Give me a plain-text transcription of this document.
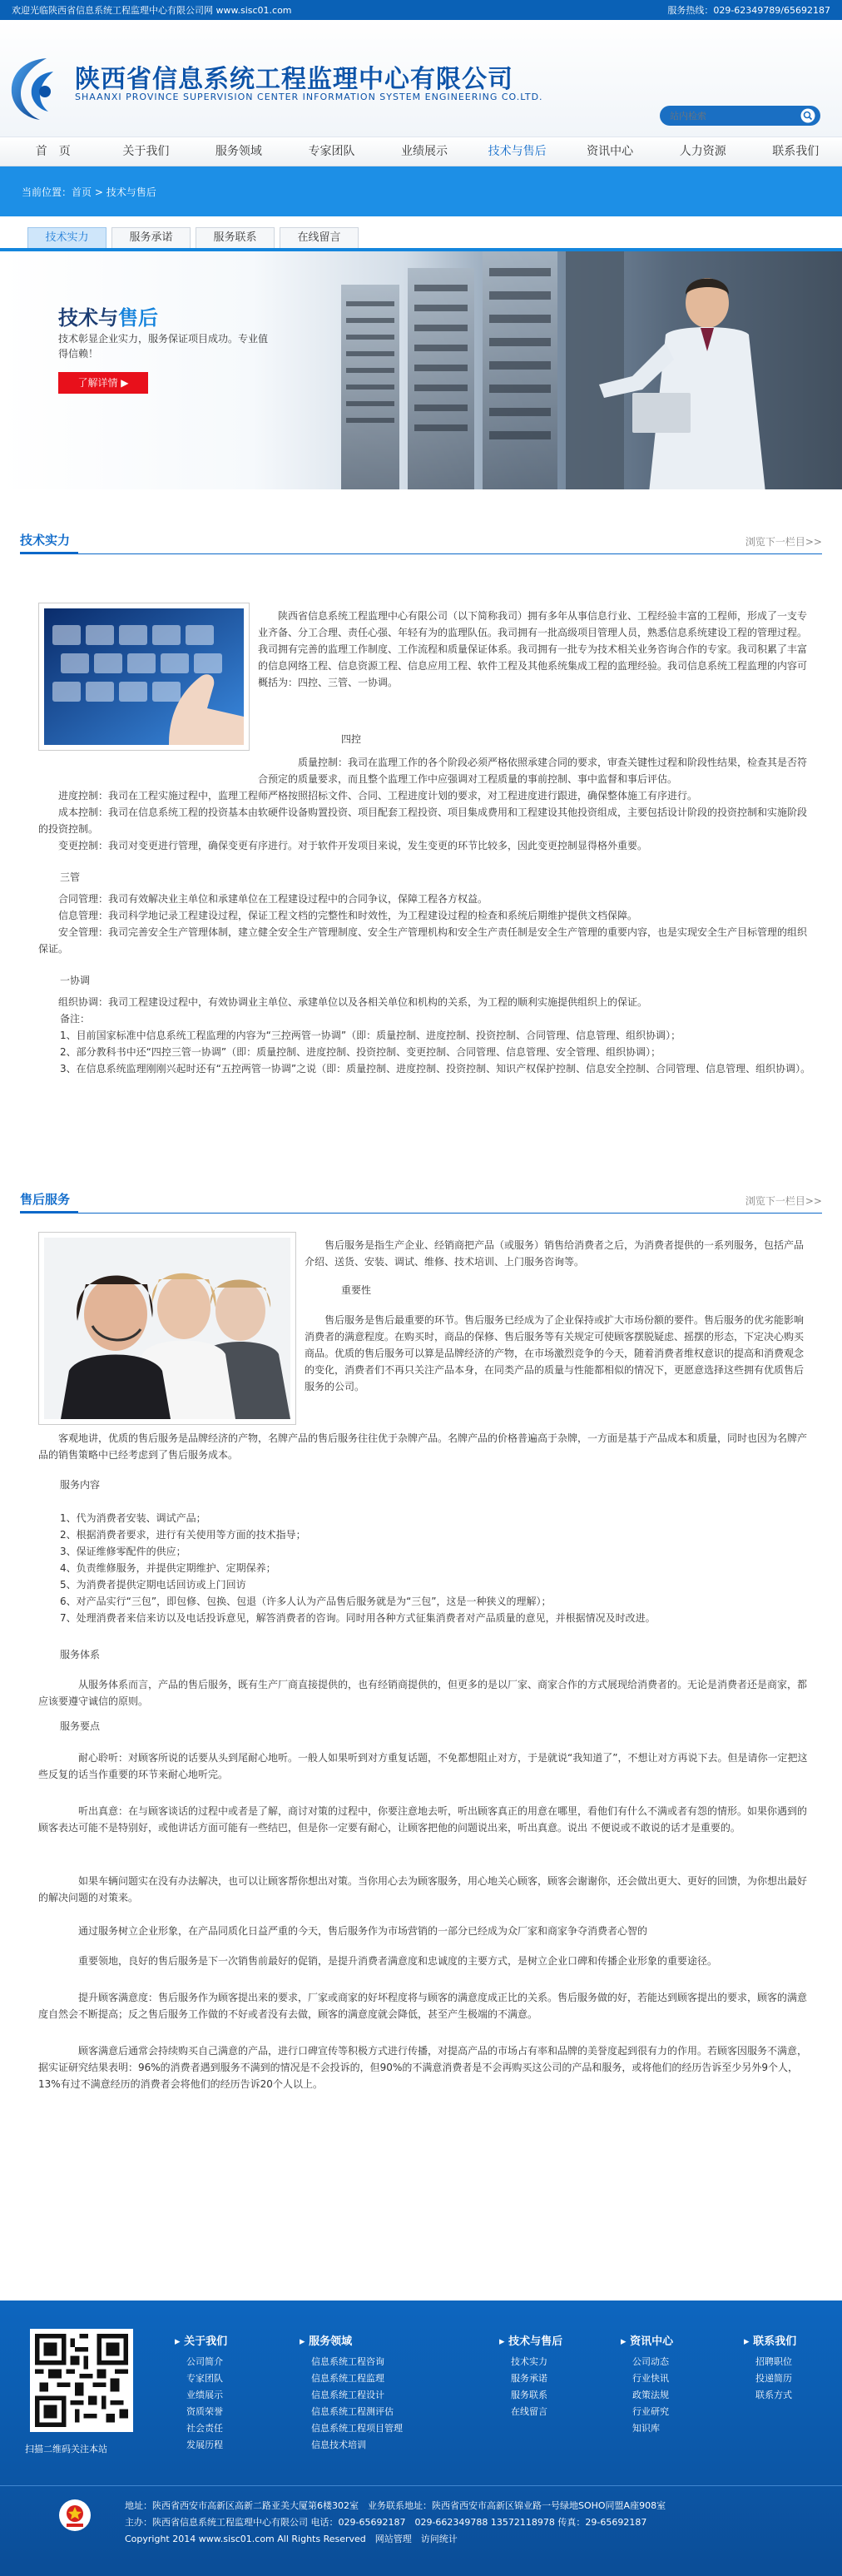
欢迎光临陕西省信息系统工程监理中心有限公司网 www.sisc01.com	服务热线：029-62349789/65692187
陕西省信息系统工程监理中心有限公司
SHAANXI PROVINCE SUPERVISION CENTER INFORMATION SYSTEM ENGINEERING CO.LTD.
站内检索
首　页	关于我们	服务领域	专家团队	业绩展示	技术与售后	资讯中心	人力资源	联系我们
当前位置：首页 > 技术与售后
技术实力	服务承诺	服务联系	在线留言
技术与售后
技术彰显企业实力，服务保证项目成功。专业值得信赖！
了解详情 ▶
技术实力	浏览下一栏目>>
陕西省信息系统工程监理中心有限公司（以下简称我司）拥有多年从事信息行业、工程经验丰富的工程师，形成了一支专业齐备、分工合理、责任心强、年轻有为的监理队伍。我司拥有一批高级项目管理人员，熟悉信息系统建设工程的管理过程。我司拥有完善的监理工作制度、工作流程和质量保证体系。我司拥有一批专为技术相关业务咨询合作的专家。我司积累了丰富的信息网络工程、信息资源工程、信息应用工程、软件工程及其他系统集成工程的监理经验。我司信息系统工程监理的内容可概括为：四控、三管、一协调。
四控
质量控制：我司在监理工作的各个阶段必须严格依照承建合同的要求，审查关键性过程和阶段性结果，检查其是否符合预定的质量要求，而且整个监理工作中应强调对工程质量的事前控制、事中监督和事后评估。
进度控制：我司在工程实施过程中，监理工程师严格按照招标文件、合同、工程进度计划的要求，对工程进度进行跟进，确保整体施工有序进行。
成本控制：我司在信息系统工程的投资基本由软硬件设备购置投资、项目配套工程投资、项目集成费用和工程建设其他投资组成，主要包括设计阶段的投资控制和实施阶段的投资控制。
变更控制：我司对变更进行管理，确保变更有序进行。对于软件开发项目来说，发生变更的环节比较多，因此变更控制显得格外重要。
三管
合同管理：我司有效解决业主单位和承建单位在工程建设过程中的合同争议，保障工程各方权益。
信息管理：我司科学地记录工程建设过程，保证工程文档的完整性和时效性，为工程建设过程的检查和系统后期维护提供文档保障。
安全管理：我司完善安全生产管理体制，建立健全安全生产管理制度、安全生产管理机构和安全生产责任制是安全生产管理的重要内容，也是实现安全生产目标管理的组织保证。
一协调
组织协调：我司工程建设过程中，有效协调业主单位、承建单位以及各相关单位和机构的关系，为工程的顺利实施提供组织上的保证。
备注：
1、目前国家标准中信息系统工程监理的内容为“三控两管一协调”（即：质量控制、进度控制、投资控制、合同管理、信息管理、组织协调）；
2、部分教科书中还“四控三管一协调”（即：质量控制、进度控制、投资控制、变更控制、合同管理、信息管理、安全管理、组织协调）；
3、在信息系统监理刚刚兴起时还有“五控两管一协调”之说（即：质量控制、进度控制、投资控制、知识产权保护控制、信息安全控制、合同管理、信息管理、组织协调）。
售后服务	浏览下一栏目>>
售后服务是指生产企业、经销商把产品（或服务）销售给消费者之后，为消费者提供的一系列服务，包括产品介绍、送货、安装、调试、维修、技术培训、上门服务咨询等。
重要性
售后服务是售后最重要的环节。售后服务已经成为了企业保持或扩大市场份额的要件。售后服务的优劣能影响消费者的满意程度。在购买时，商品的保修、售后服务等有关规定可使顾客摆脱疑虑、摇摆的形态，下定决心购买商品。优质的售后服务可以算是品牌经济的产物，在市场激烈竞争的今天，随着消费者维权意识的提高和消费观念的变化，消费者们不再只关注产品本身，在同类产品的质量与性能都相似的情况下，更愿意选择这些拥有优质售后服务的公司。
客观地讲，优质的售后服务是品牌经济的产物，名牌产品的售后服务往往优于杂牌产品。名牌产品的价格普遍高于杂牌，一方面是基于产品成本和质量，同时也因为名牌产品的销售策略中已经考虑到了售后服务成本。
服务内容
1、代为消费者安装、调试产品；
2、根据消费者要求，进行有关使用等方面的技术指导；
3、保证维修零配件的供应；
4、负责维修服务，并提供定期维护、定期保养；
5、为消费者提供定期电话回访或上门回访
6、对产品实行“三包”，即包修、包换、包退（许多人认为产品售后服务就是为“三包”，这是一种狭义的理解）；
7、处理消费者来信来访以及电话投诉意见，解答消费者的咨询。同时用各种方式征集消费者对产品质量的意见，并根据情况及时改进。
服务体系
从服务体系而言，产品的售后服务，既有生产厂商直接提供的，也有经销商提供的，但更多的是以厂家、商家合作的方式展现给消费者的。无论是消费者还是商家，都应该要遵守诚信的原则。
服务要点
耐心聆听：对顾客所说的话要从头到尾耐心地听。一般人如果听到对方重复话题，不免都想阻止对方，于是就说“我知道了”，不想让对方再说下去。但是请你一定把这些反复的话当作重要的环节来耐心地听完。
听出真意：在与顾客谈话的过程中或者是了解，商讨对策的过程中，你要注意地去听，听出顾客真正的用意在哪里，看他们有什么不满或者有怨的情形。如果你遇到的顾客表达可能不是特别好，或他讲话方面可能有一些结巴，但是你一定要有耐心，让顾客把他的问题说出来，听出真意。说出 不便说或不敢说的话才是重要的。
如果车辆问题实在没有办法解决，也可以让顾客帮你想出对策。当你用心去为顾客服务，用心地关心顾客，顾客会谢谢你，还会做出更大、更好的回馈，为你想出最好的解决问题的对策来。
通过服务树立企业形象，在产品同质化日益严重的今天，售后服务作为市场营销的一部分已经成为众厂家和商家争夺消费者心智的
重要领地，良好的售后服务是下一次销售前最好的促销，是提升消费者满意度和忠诚度的主要方式，是树立企业口碑和传播企业形象的重要途径。
提升顾客满意度：售后服务作为顾客提出来的要求，厂家或商家的好坏程度将与顾客的满意度成正比的关系。售后服务做的好，若能达到顾客提出的要求，顾客的满意度自然会不断提高；反之售后服务工作做的不好或者没有去做，顾客的满意度就会降低，甚至产生极端的不满意。
顾客满意后通常会持续购买自己满意的产品，进行口碑宣传等积极方式进行传播，对提高产品的市场占有率和品牌的美誉度起到很有力的作用。若顾客因服务不满意，据实证研究结果表明：96%的消费者遇到服务不满到的情况是不会投诉的，但90%的不满意消费者是不会再购买这公司的产品和服务，或将他们的经历告诉至少另外9个人，13%有过不满意经历的消费者会将他们的经历告诉20个人以上。
扫描二维码关注本站
▸ 关于我们
公司简介
专家团队
业绩展示
资质荣誉
社会责任
发展历程
▸ 服务领域
信息系统工程咨询
信息系统工程监理
信息系统工程设计
信息系统工程测评估
信息系统工程项目管理
信息技术培训
▸ 技术与售后
技术实力
服务承诺
服务联系
在线留言
▸ 资讯中心
公司动态
行业快讯
政策法规
行业研究
知识库
▸ 联系我们
招聘职位
投递简历
联系方式
地址：陕西省西安市高新区高新二路亚美大厦第6楼302室　业务联系地址：陕西省西安市高新区锦业路一号绿地SOHO同盟A座908室
主办：陕西省信息系统工程监理中心有限公司 电话：029-65692187　029-66234978​8 13572118978 传真：29-65692187
Copyright 2014 www.sisc01.com All Rights Reserved　网站管理　访问统计
